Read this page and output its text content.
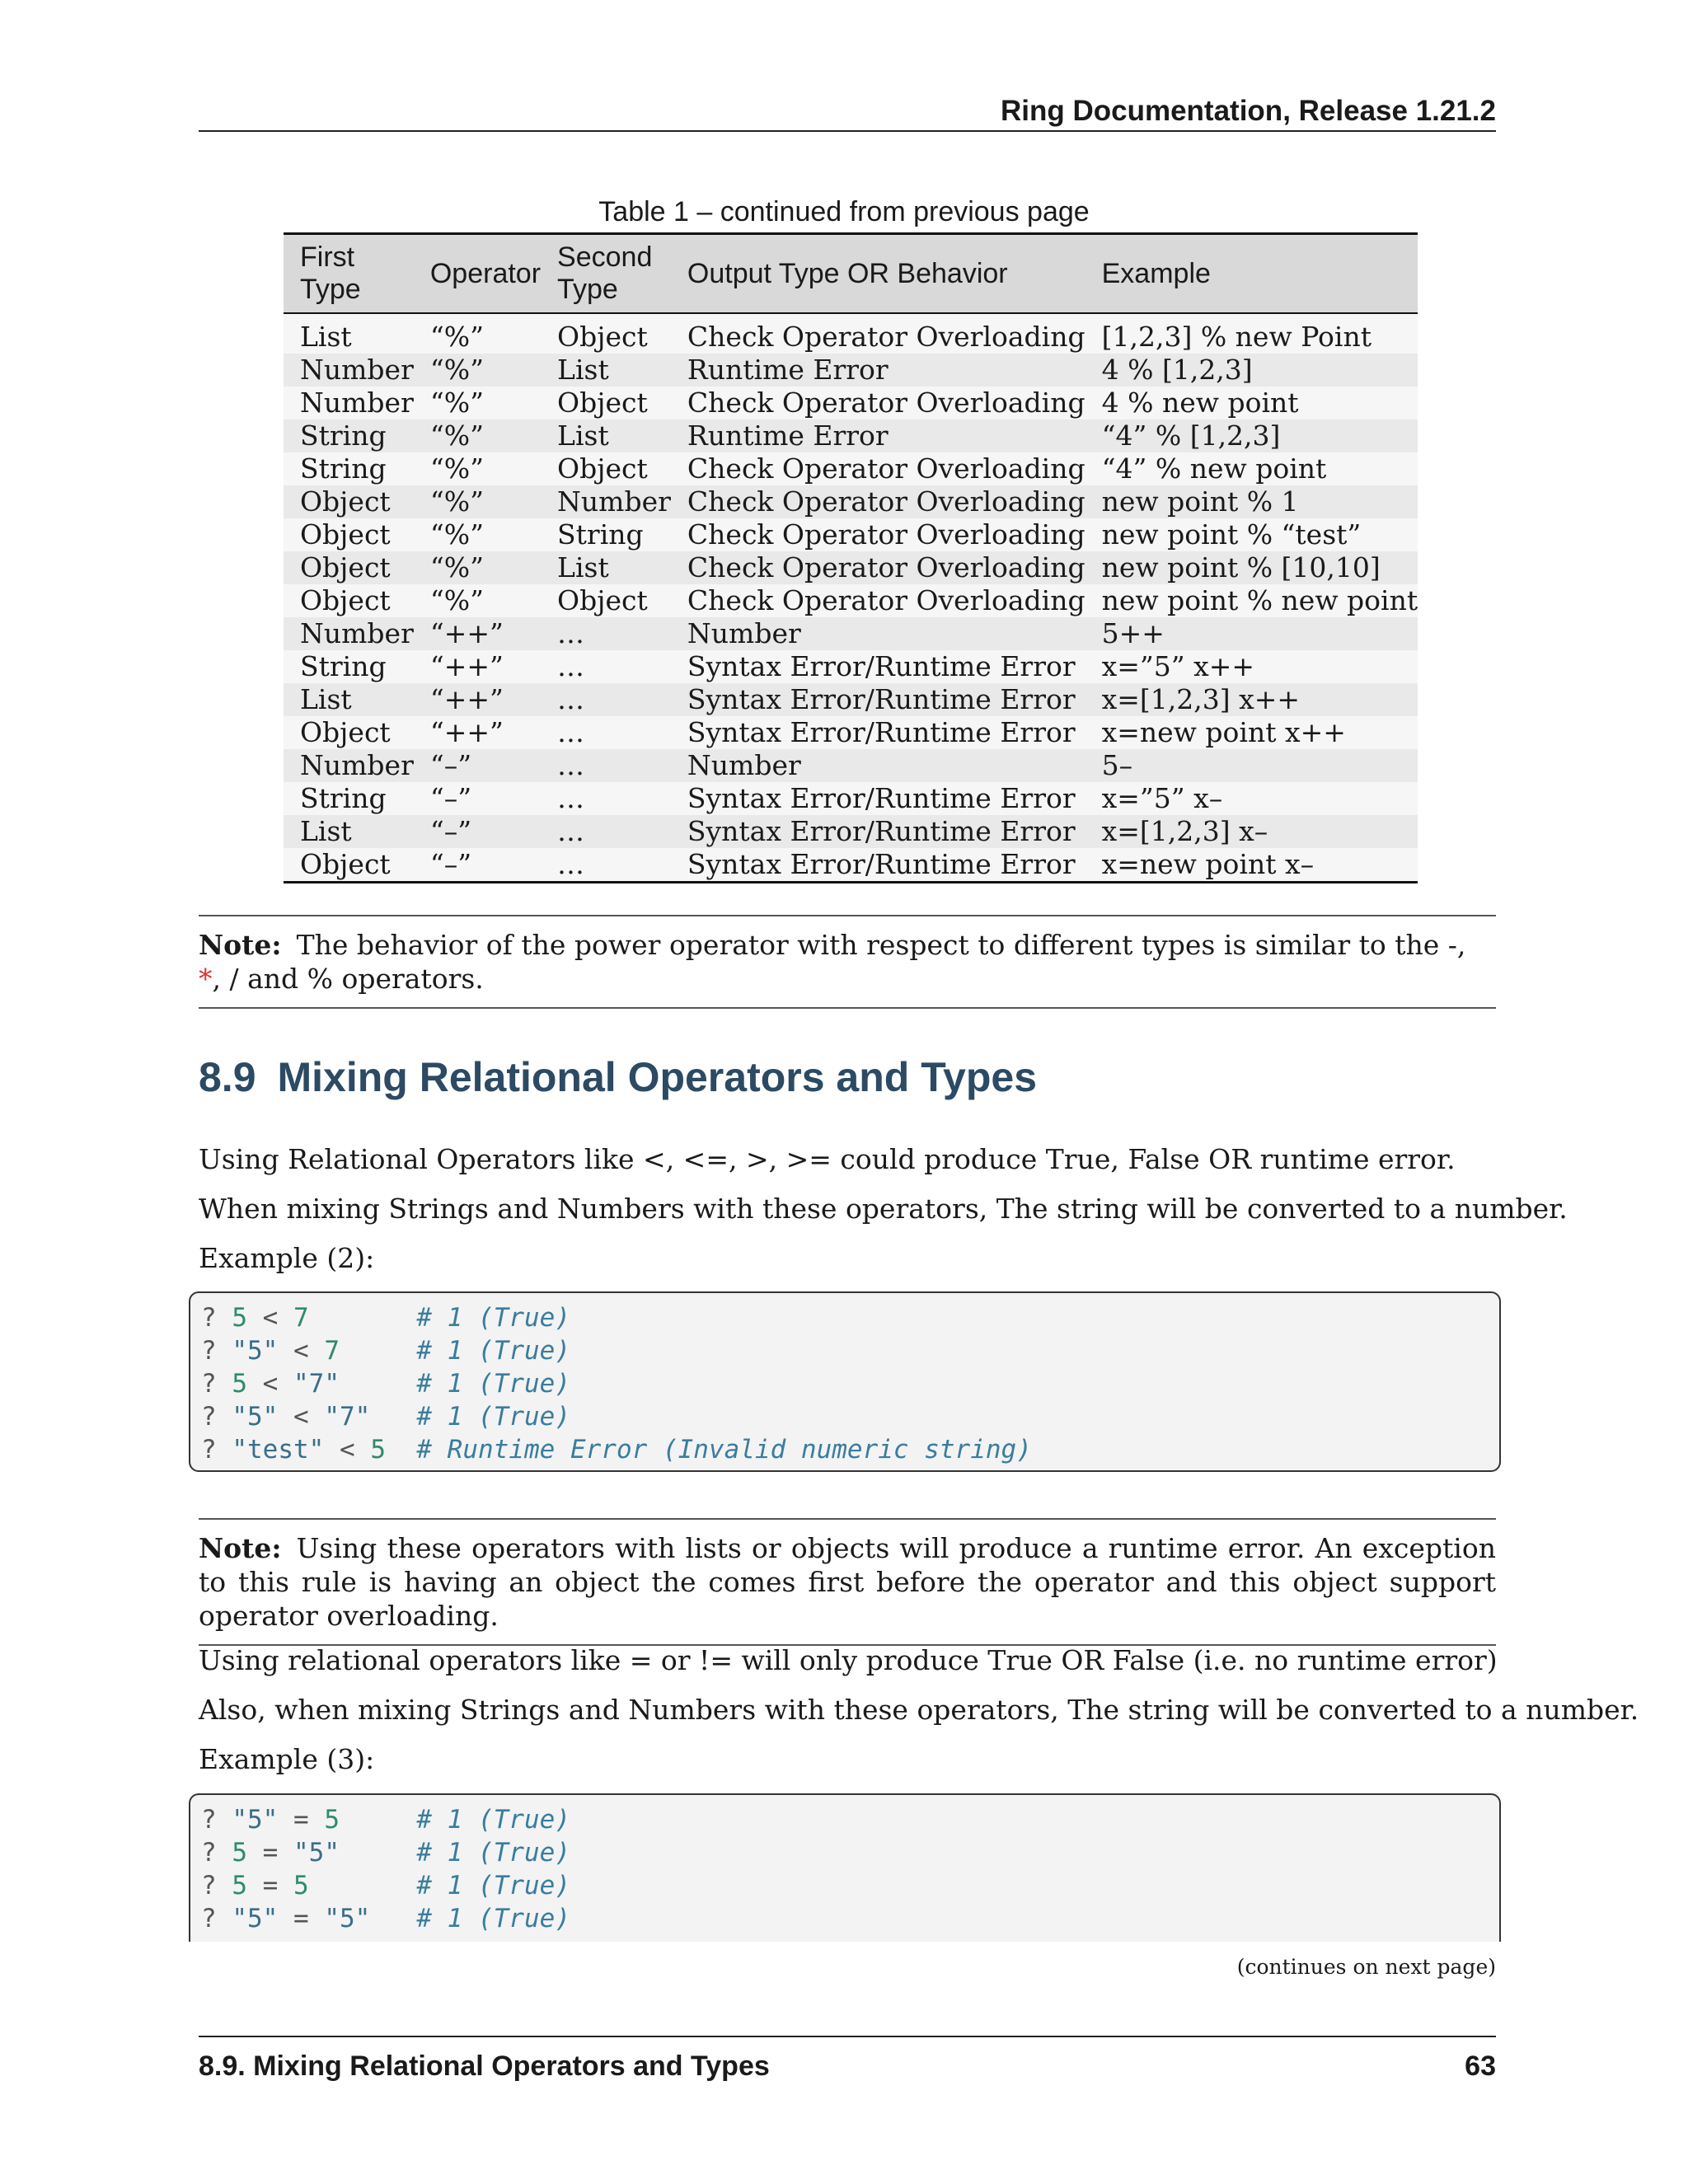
Ring Documentation, Release 1.21.2
Table 1 – continued from previous page
First Type	Operator	Second Type	Output Type OR Behavior	Example
List	“%”	Object	Check Operator Overloading	[1,2,3] % new Point
Number	“%”	List	Runtime Error	4 % [1,2,3]
Number	“%”	Object	Check Operator Overloading	4 % new point
String	“%”	List	Runtime Error	“4” % [1,2,3]
String	“%”	Object	Check Operator Overloading	“4” % new point
Object	“%”	Number	Check Operator Overloading	new point % 1
Object	“%”	String	Check Operator Overloading	new point % “test”
Object	“%”	List	Check Operator Overloading	new point % [10,10]
Object	“%”	Object	Check Operator Overloading	new point % new point
Number	“++”	…	Number	5++
String	“++”	…	Syntax Error/Runtime Error	x=”5” x++
List	“++”	…	Syntax Error/Runtime Error	x=[1,2,3] x++
Object	“++”	…	Syntax Error/Runtime Error	x=new point x++
Number	“–”	…	Number	5–
String	“–”	…	Syntax Error/Runtime Error	x=”5” x–
List	“–”	…	Syntax Error/Runtime Error	x=[1,2,3] x–
Object	“–”	…	Syntax Error/Runtime Error	x=new point x–
Note: The behavior of the power operator with respect to different types is similar to the -, *, / and % operators.
8.9 Mixing Relational Operators and Types
Using Relational Operators like <, <=, >, >= could produce True, False OR runtime error.
When mixing Strings and Numbers with these operators, The string will be converted to a number.
Example (2):
? 5 < 7	# 1 (True)
? "5" < 7	# 1 (True)
? 5 < "7"	# 1 (True)
? "5" < "7" # 1 (True)
? "test" < 5 # Runtime Error (Invalid numeric string)
Note: Using these operators with lists or objects will produce a runtime error. An exception to this rule is having an object the comes first before the operator and this object support operator overloading.
Using relational operators like = or != will only produce True OR False (i.e. no runtime error)
Also, when mixing Strings and Numbers with these operators, The string will be converted to a number.
Example (3):
? "5" = 5	# 1 (True)
? 5 = "5"	# 1 (True)
? 5 = 5	# 1 (True)
? "5" = "5" # 1 (True)
(continues on next page)
8.9. Mixing Relational Operators and Types	63
